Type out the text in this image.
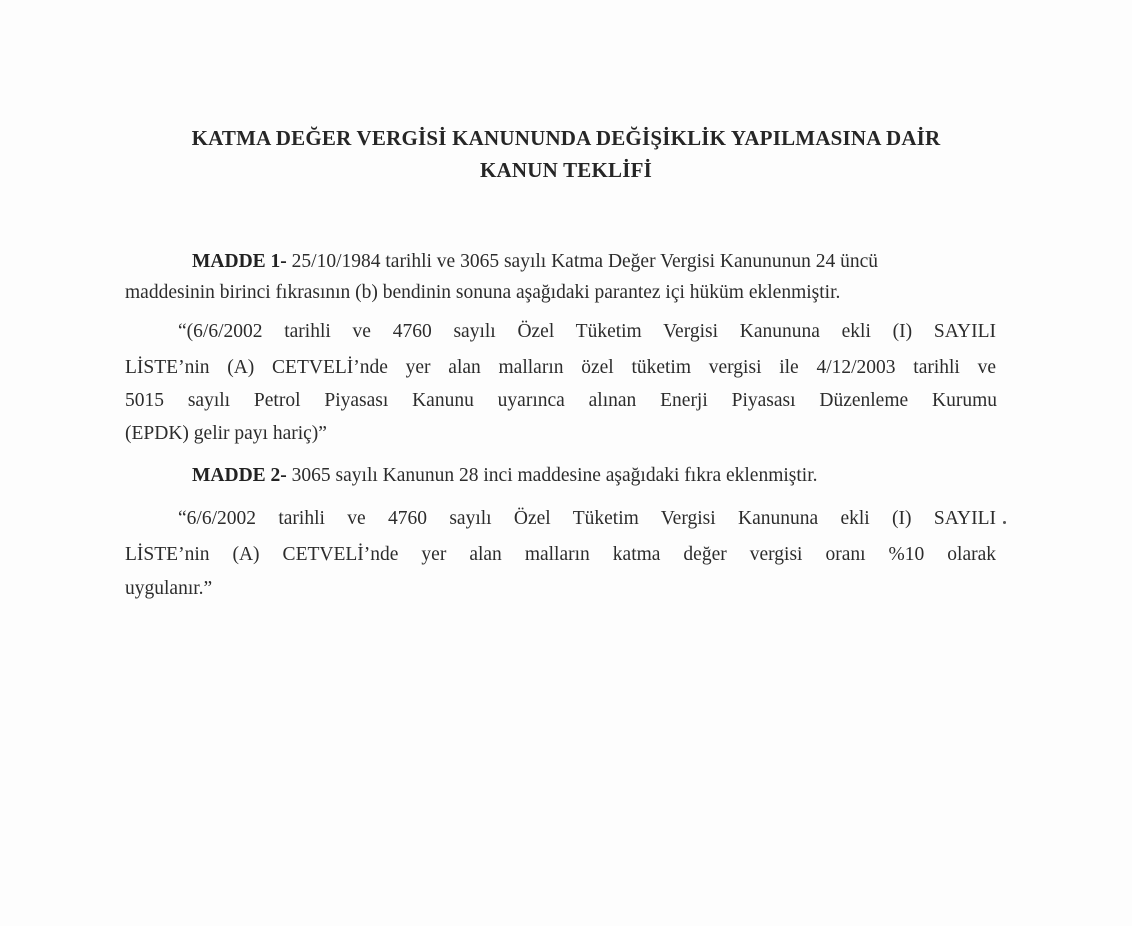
KATMA DEĞER VERGİSİ KANUNUNDA DEĞİŞİKLİK YAPILMASINA DAİR
KANUN TEKLİFİ
MADDE 1- 25/10/1984 tarihli ve 3065 sayılı Katma Değer Vergisi Kanununun 24 üncü
maddesinin birinci fıkrasının (b) bendinin sonuna aşağıdaki parantez içi hüküm eklenmiştir.
“(6/6/2002 tarihli ve 4760 sayılı Özel Tüketim Vergisi Kanununa ekli (I) SAYILI
LİSTE’nin (A) CETVELİ’nde yer alan malların özel tüketim vergisi ile 4/12/2003 tarihli ve
5015 sayılı Petrol Piyasası Kanunu uyarınca alınan Enerji Piyasası Düzenleme Kurumu
(EPDK) gelir payı hariç)”
MADDE 2- 3065 sayılı Kanunun 28 inci maddesine aşağıdaki fıkra eklenmiştir.
“6/6/2002 tarihli ve 4760 sayılı Özel Tüketim Vergisi Kanununa ekli (I) SAYILI
LİSTE’nin (A) CETVELİ’nde yer alan malların katma değer vergisi oranı %10 olarak
uygulanır.”
